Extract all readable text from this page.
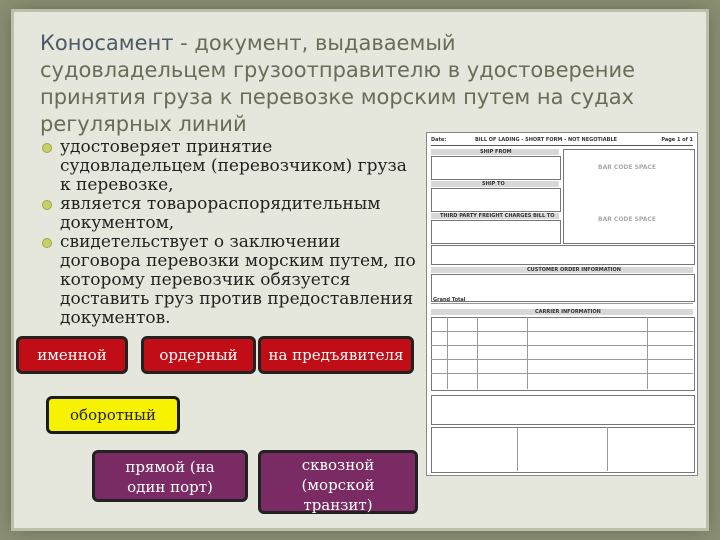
Коносамент - документ, выдаваемый судовладельцем грузоотправителю в удостоверение принятия груза к перевозке морским путем на судах регулярных линий
удостоверяет принятие судовладельцем (перевозчиком) груза к перевозке,
является товарораспорядительным документом,
свидетельствует о заключении договора перевозки морским путем, по которому перевозчик обязуется доставить груз против предоставления документов.
Date:	BILL OF LADING - SHORT FORM - NOT NEGOTIABLE	Page 1 of 1
SHIP FROM
SHIP TO
THIRD PARTY FREIGHT CHARGES BILL TO
BAR CODE SPACE
BAR CODE SPACE
CUSTOMER ORDER INFORMATION
Grand Total
CARRIER INFORMATION
именной	ордерный	на предъявителя
оборотный
прямой (на один порт)
сквозной (морской транзит)
